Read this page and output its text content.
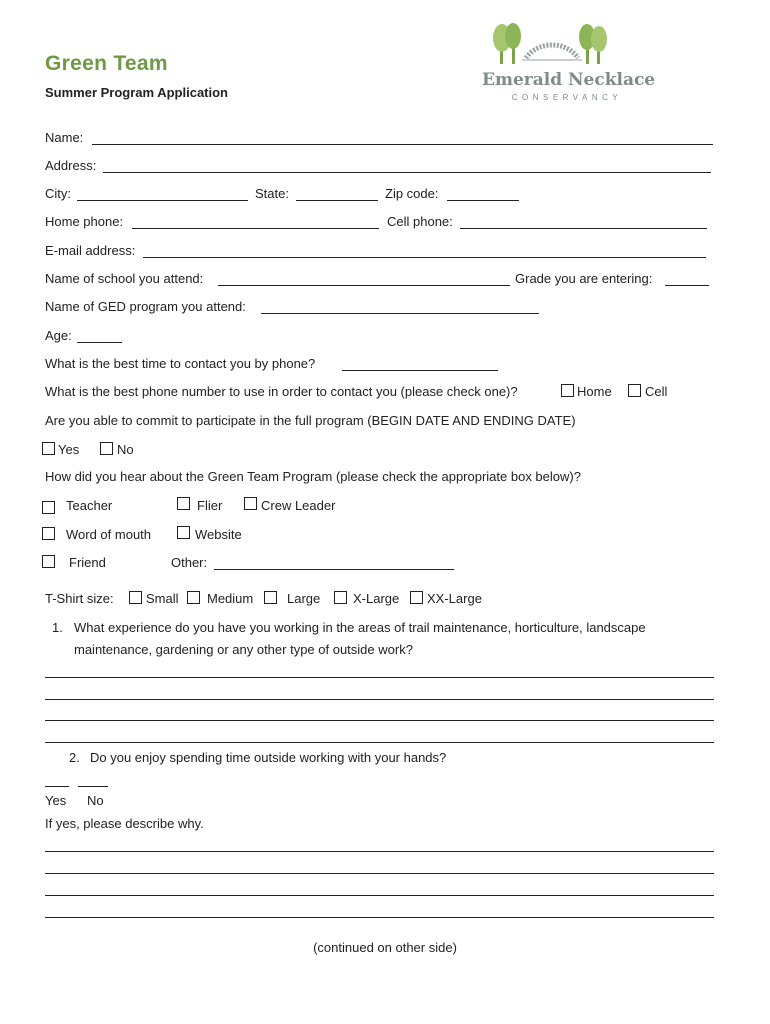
Green Team
Summer Program Application
Emerald Necklace
CONSERVANCY
Name:
Address:
City:	State:	Zip code:
Home phone:	Cell phone:
E-mail address:
Name of school you attend:	Grade you are entering:
Name of GED program you attend:
Age:
What is the best time to contact you by phone?
What is the best phone number to use in order to contact you (please check one)?	Home	Cell
Are you able to commit to participate in the full program (BEGIN DATE AND ENDING DATE)
Yes	No
How did you hear about the Green Team Program (please check the appropriate box below)?
Teacher	Flier	Crew Leader
Word of mouth	Website
Friend	Other:
T-Shirt size: Small Medium	Large	X-Large XX-Large
1. What experience do you have you working in the areas of trail maintenance, horticulture, landscape
maintenance, gardening or any other type of outside work?
2. Do you enjoy spending time outside working with your hands?
Yes No
If yes, please describe why.
(continued on other side)
